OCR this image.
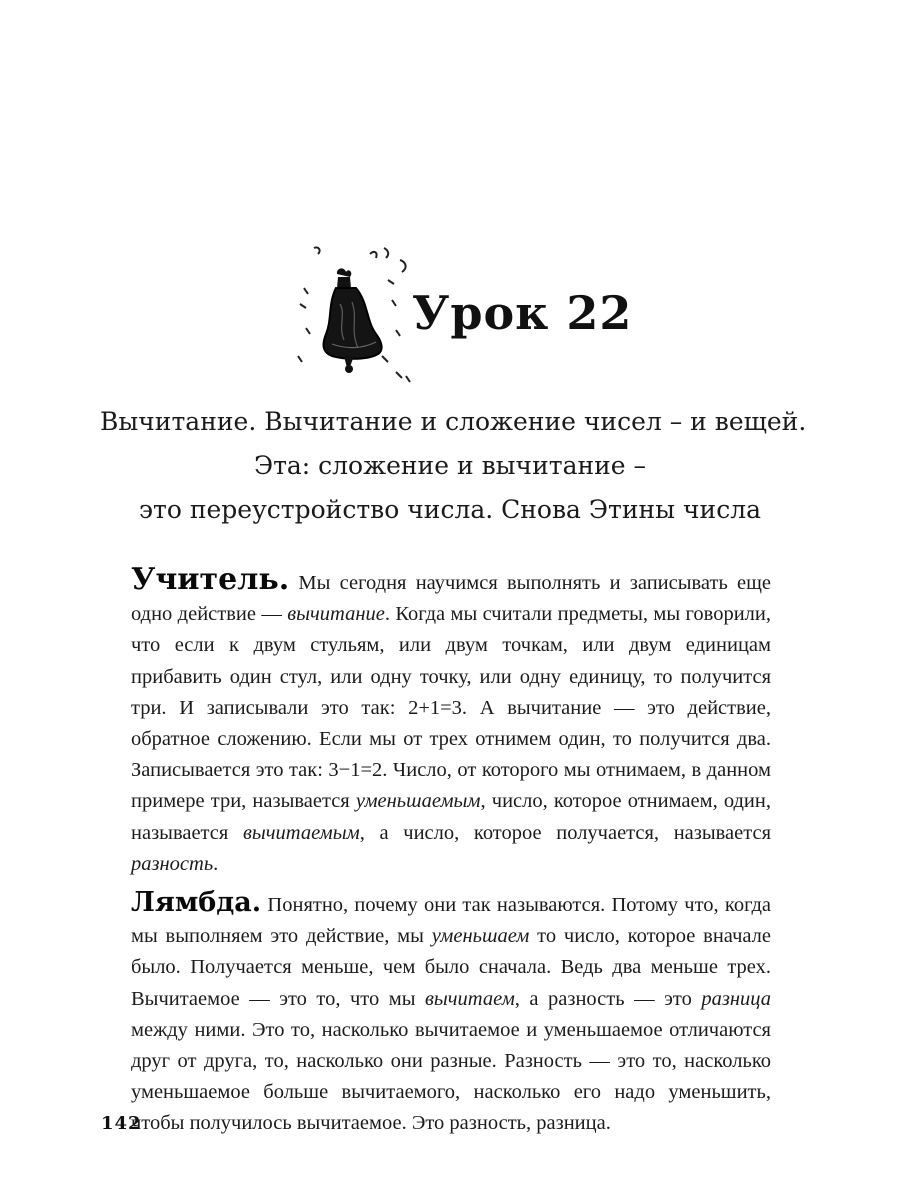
Урок 22
Вычитание. Вычитание и сложение чисел – и вещей.
Эта: сложение и вычитание –
это переустройство числа. Снова Этины числа

Учитель. Мы сегодня научимся выполнять и записывать еще одно действие — вычитание. Когда мы считали предметы, мы говорили, что если к двум стульям, или двум точкам, или двум единицам прибавить один стул, или одну точку, или одну единицу, то получится три. И записывали это так: 2+1=3. А вычитание — это действие, обратное сложению. Если мы от трех отнимем один, то получится два. Записывается это так: 3−1=2. Число, от которого мы отнимаем, в данном примере три, называется уменьшаемым, число, которое отнимаем, один, называется вычитаемым, а число, которое получается, называется разность.

Лямбда. Понятно, почему они так называются. Потому что, когда мы выполняем это действие, мы уменьшаем то число, которое вначале было. Получается меньше, чем было сначала. Ведь два меньше трех. Вычитаемое — это то, что мы вычитаем, а разность — это разница между ними. Это то, насколько вычитаемое и уменьшаемое отличаются друг от друга, то, насколько они разные. Разность — это то, насколько уменьшаемое больше вычитаемого, насколько его надо уменьшить, чтобы получилось вычитаемое. Это разность, разница.

142
